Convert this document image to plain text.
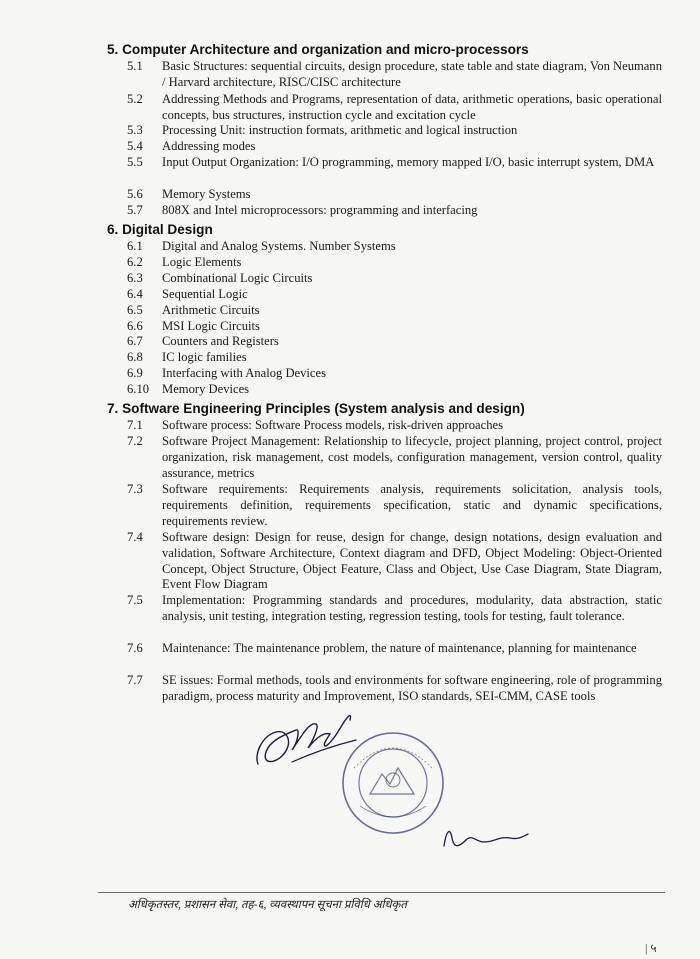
5. Computer Architecture and organization and micro-processors
5.1 Basic Structures: sequential circuits, design procedure, state table and state diagram, Von Neumann / Harvard architecture, RISC/CISC architecture
5.2 Addressing Methods and Programs, representation of data, arithmetic operations, basic operational concepts, bus structures, instruction cycle and excitation cycle
5.3 Processing Unit: instruction formats, arithmetic and logical instruction
5.4 Addressing modes
5.5 Input Output Organization: I/O programming, memory mapped I/O, basic interrupt system, DMA
5.6 Memory Systems
5.7 808X and Intel microprocessors: programming and interfacing
6. Digital Design
6.1 Digital and Analog Systems. Number Systems
6.2 Logic Elements
6.3 Combinational Logic Circuits
6.4 Sequential Logic
6.5 Arithmetic Circuits
6.6 MSI Logic Circuits
6.7 Counters and Registers
6.8 IC logic families
6.9 Interfacing with Analog Devices
6.10 Memory Devices
7. Software Engineering Principles (System analysis and design)
7.1 Software process: Software Process models, risk-driven approaches
7.2 Software Project Management: Relationship to lifecycle, project planning, project control, project organization, risk management, cost models, configuration management, version control, quality assurance, metrics
7.3 Software requirements: Requirements analysis, requirements solicitation, analysis tools, requirements definition, requirements specification, static and dynamic specifications, requirements review.
7.4 Software design: Design for reuse, design for change, design notations, design evaluation and validation, Software Architecture, Context diagram and DFD, Object Modeling: Object-Oriented Concept, Object Structure, Object Feature, Class and Object, Use Case Diagram, State Diagram, Event Flow Diagram
7.5 Implementation: Programming standards and procedures, modularity, data abstraction, static analysis, unit testing, integration testing, regression testing, tools for testing, fault tolerance.
7.6 Maintenance: The maintenance problem, the nature of maintenance, planning for maintenance
7.7 SE issues: Formal methods, tools and environments for software engineering, role of programming paradigm, process maturity and Improvement, ISO standards, SEI-CMM, CASE tools
अधिकृतस्तर, प्रशासन सेवा, तह-६, व्यवस्थापन सूचना प्रविधि अधिकृत
| ५
